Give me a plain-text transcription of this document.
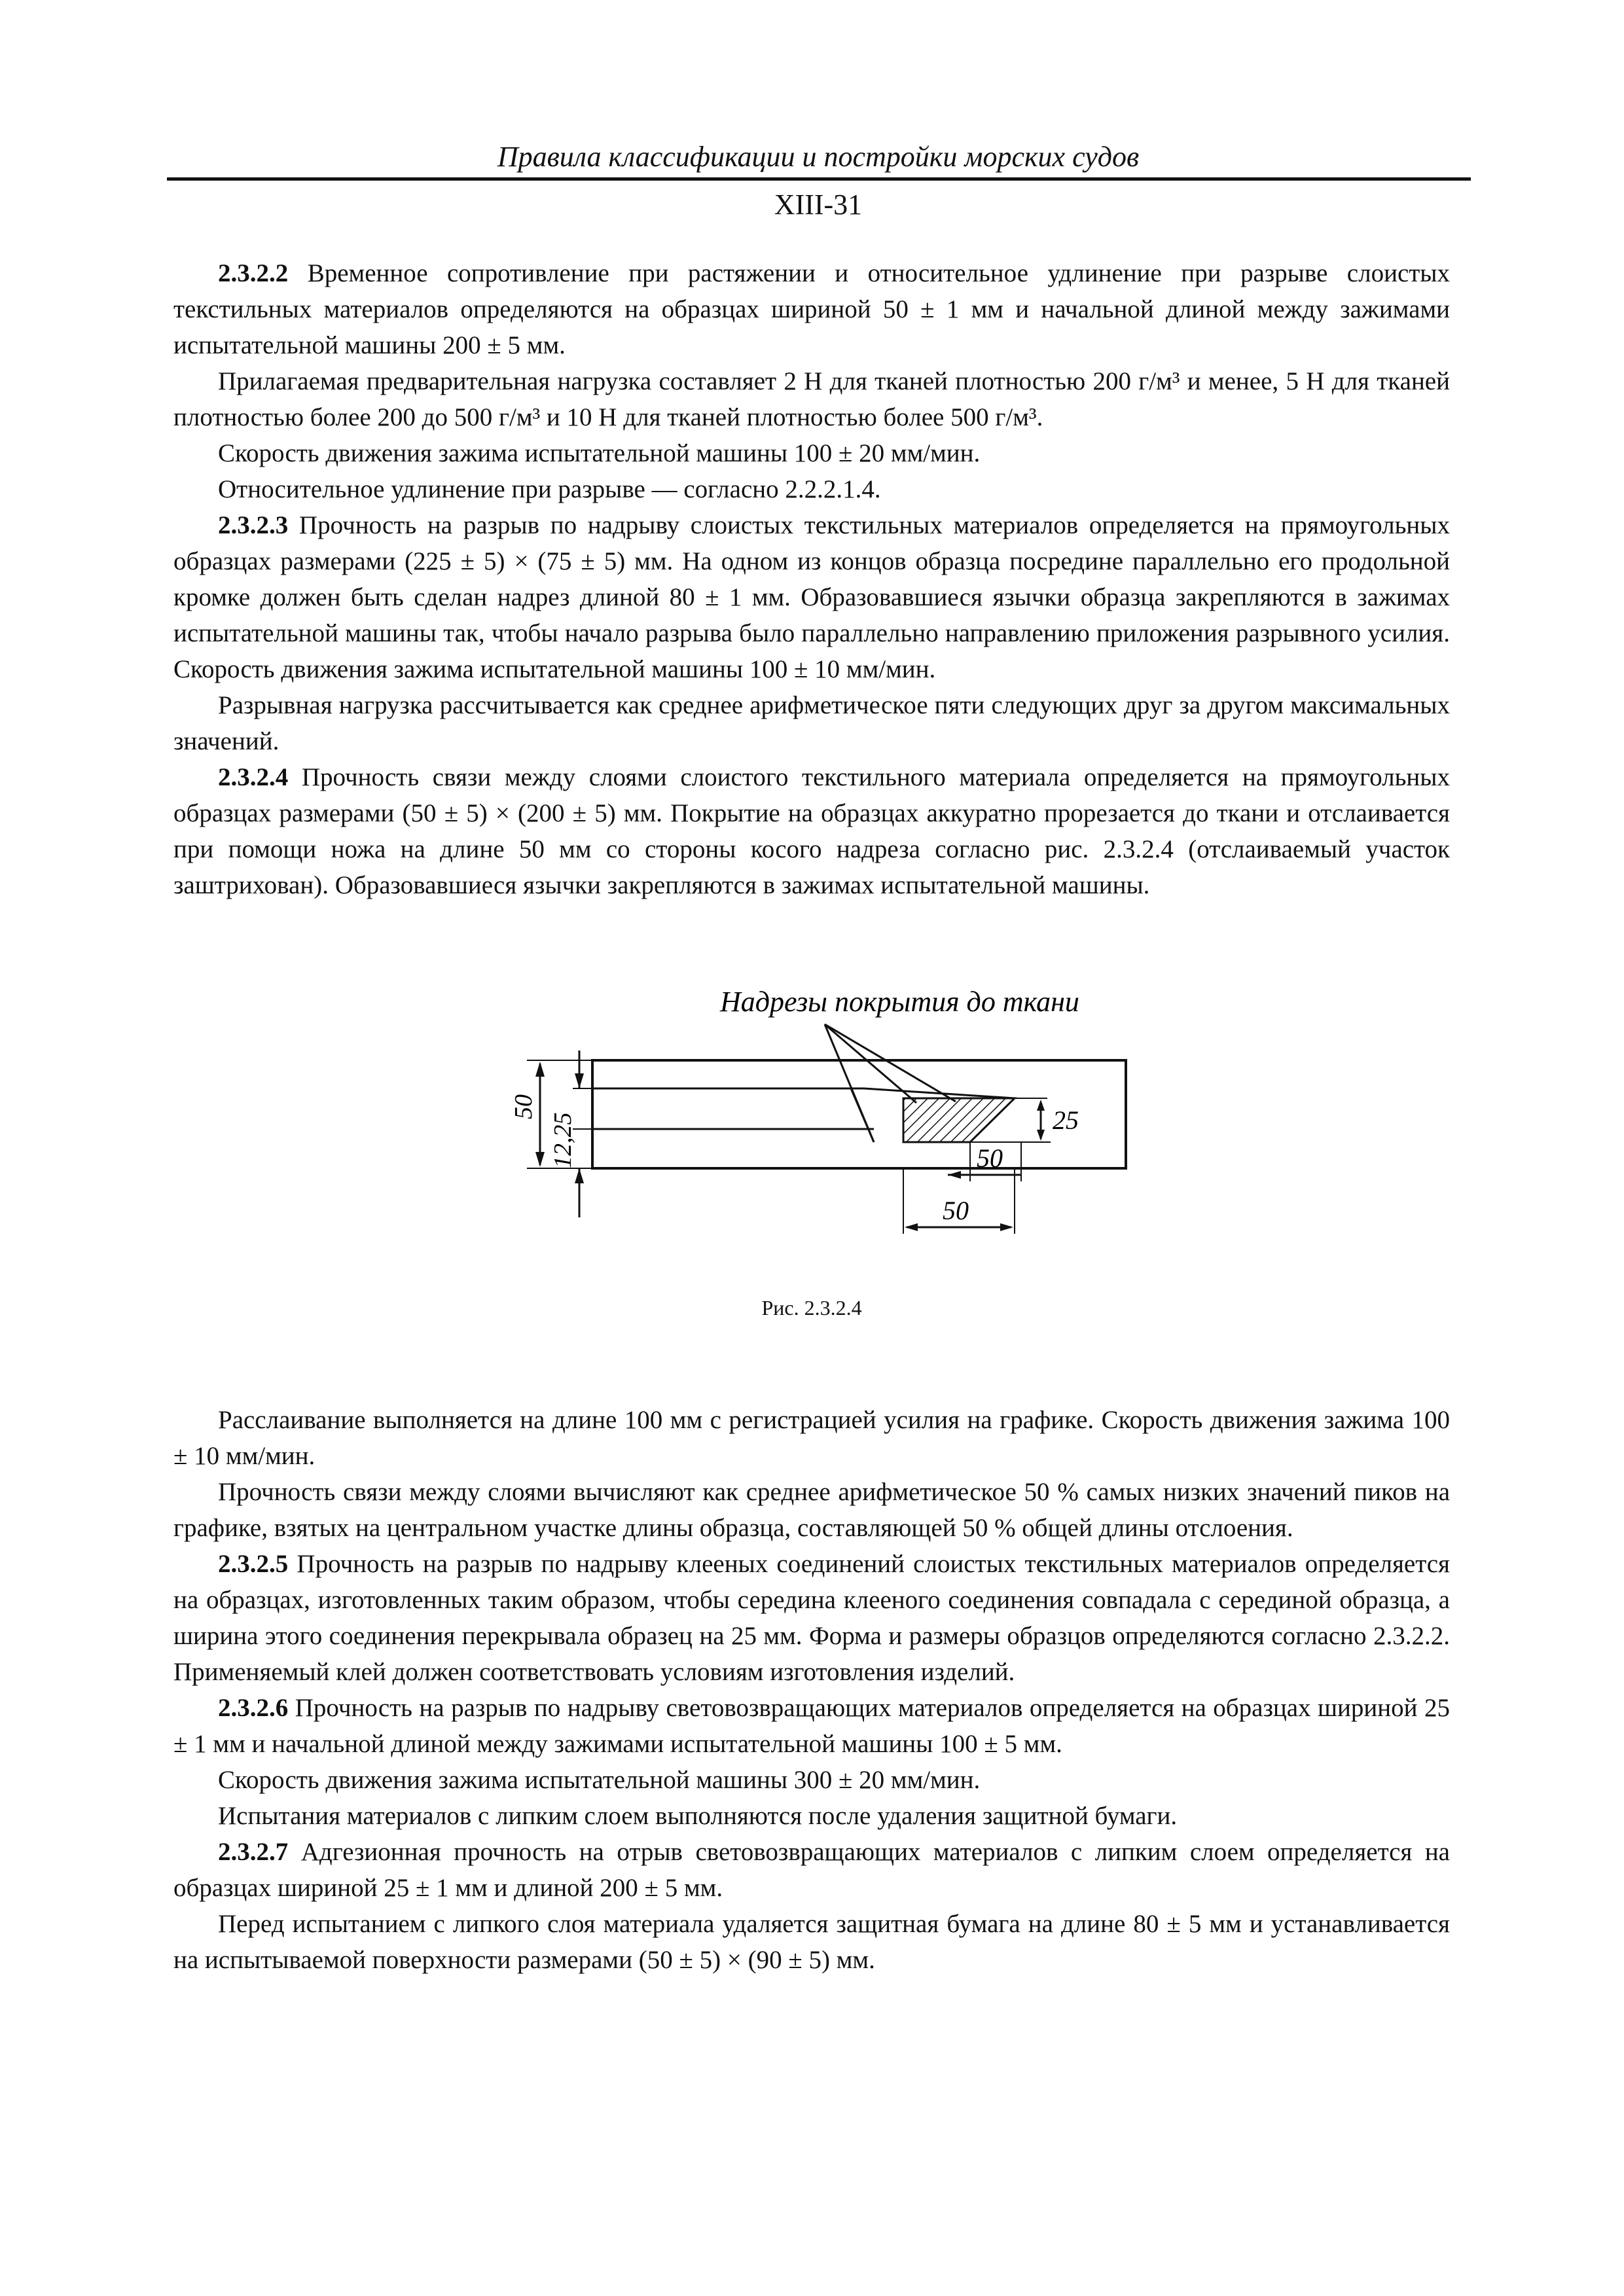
Правила классификации и постройки морских судов
XIII-31

2.3.2.2 Временное сопротивление при растяжении и относительное удлинение при разрыве слоистых текстильных материалов определяются на образцах шириной 50 ± 1 мм и начальной длиной между зажимами испытательной машины 200 ± 5 мм.

Прилагаемая предварительная нагрузка составляет 2 Н для тканей плотностью 200 г/м³ и менее, 5 Н для тканей плотностью более 200 до 500 г/м³ и 10 Н для тканей плотностью более 500 г/м³.

Скорость движения зажима испытательной машины 100 ± 20 мм/мин.

Относительное удлинение при разрыве — согласно 2.2.2.1.4.

2.3.2.3 Прочность на разрыв по надрыву слоистых текстильных материалов определяется на прямоугольных образцах размерами (225 ± 5) × (75 ± 5) мм. На одном из концов образца посредине параллельно его продольной кромке должен быть сделан надрез длиной 80 ± 1 мм. Образовавшиеся язычки образца закрепляются в зажимах испытательной машины так, чтобы начало разрыва было параллельно направлению приложения разрывного усилия. Скорость движения зажима испытательной машины 100 ± 10 мм/мин.

Разрывная нагрузка рассчитывается как среднее арифметическое пяти следующих друг за другом максимальных значений.

2.3.2.4 Прочность связи между слоями слоистого текстильного материала определяется на прямоугольных образцах размерами (50 ± 5) × (200 ± 5) мм. Покрытие на образцах аккуратно прорезается до ткани и отслаивается при помощи ножа на длине 50 мм со стороны косого надреза согласно рис. 2.3.2.4 (отслаиваемый участок заштрихован). Образовавшиеся язычки закрепляются в зажимах испытательной машины.

Надрезы покрытия до ткани
50
12,25	25
50
50
Рис. 2.3.2.4

Расслаивание выполняется на длине 100 мм с регистрацией усилия на графике. Скорость движения зажима 100 ± 10 мм/мин.

Прочность связи между слоями вычисляют как среднее арифметическое 50 % самых низких значений пиков на графике, взятых на центральном участке длины образца, составляющей 50 % общей длины отслоения.

2.3.2.5 Прочность на разрыв по надрыву клееных соединений слоистых текстильных материалов определяется на образцах, изготовленных таким образом, чтобы середина клееного соединения совпадала с серединой образца, а ширина этого соединения перекрывала образец на 25 мм. Форма и размеры образцов определяются согласно 2.3.2.2. Применяемый клей должен соответствовать условиям изготовления изделий.

2.3.2.6 Прочность на разрыв по надрыву световозвращающих материалов определяется на образцах шириной 25 ± 1 мм и начальной длиной между зажимами испытательной машины 100 ± 5 мм.

Скорость движения зажима испытательной машины 300 ± 20 мм/мин.

Испытания материалов с липким слоем выполняются после удаления защитной бумаги.

2.3.2.7 Адгезионная прочность на отрыв световозвращающих материалов с липким слоем определяется на образцах шириной 25 ± 1 мм и длиной 200 ± 5 мм.

Перед испытанием с липкого слоя материала удаляется защитная бумага на длине 80 ± 5 мм и устанавливается на испытываемой поверхности размерами (50 ± 5) × (90 ± 5) мм.
